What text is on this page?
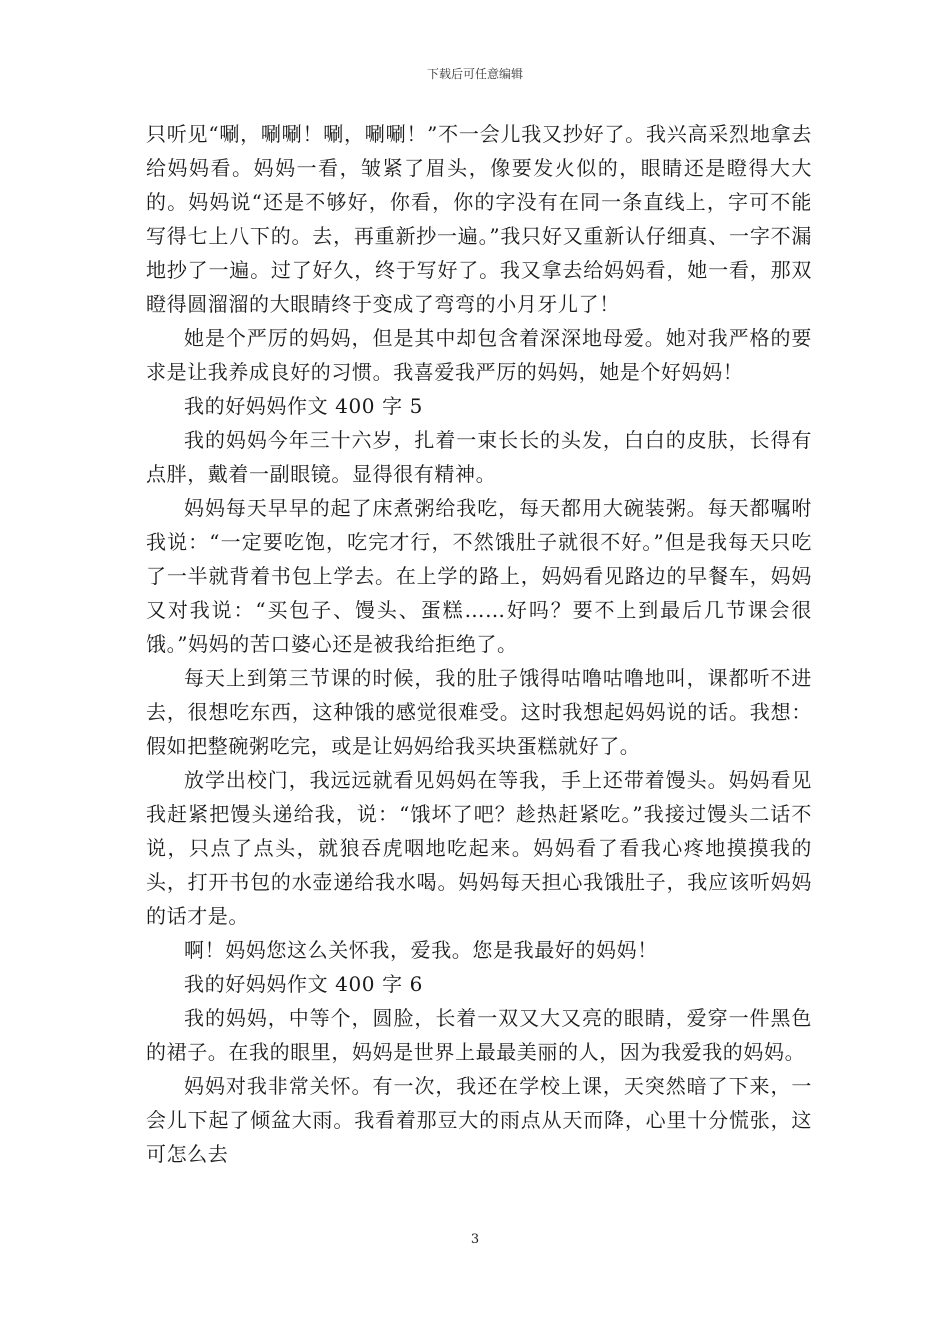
下载后可任意编辑

只听见“唰，唰唰！唰，唰唰！”不一会儿我又抄好了。我兴高采烈地拿去给妈妈看。妈妈一看，皱紧了眉头，像要发火似的，眼睛还是瞪得大大的。妈妈说“还是不够好，你看，你的字没有在同一条直线上，字可不能写得七上八下的。去，再重新抄一遍。”我只好又重新认仔细真、一字不漏地抄了一遍。过了好久，终于写好了。我又拿去给妈妈看，她一看，那双瞪得圆溜溜的大眼睛终于变成了弯弯的小月牙儿了！

她是个严厉的妈妈，但是其中却包含着深深地母爱。她对我严格的要求是让我养成良好的习惯。我喜爱我严厉的妈妈，她是个好妈妈！

我的好妈妈作文 400 字 5

我的妈妈今年三十六岁，扎着一束长长的头发，白白的皮肤，长得有点胖，戴着一副眼镜。显得很有精神。

妈妈每天早早的起了床煮粥给我吃，每天都用大碗装粥。每天都嘱咐我说：“一定要吃饱，吃完才行，不然饿肚子就很不好。”但是我每天只吃了一半就背着书包上学去。在上学的路上，妈妈看见路边的早餐车，妈妈又对我说：“买包子、馒头、蛋糕……好吗？要不上到最后几节课会很饿。”妈妈的苦口婆心还是被我给拒绝了。

每天上到第三节课的时候，我的肚子饿得咕噜咕噜地叫，课都听不进去，很想吃东西，这种饿的感觉很难受。这时我想起妈妈说的话。我想：假如把整碗粥吃完，或是让妈妈给我买块蛋糕就好了。

放学出校门，我远远就看见妈妈在等我，手上还带着馒头。妈妈看见我赶紧把馒头递给我，说：“饿坏了吧？趁热赶紧吃。”我接过馒头二话不说，只点了点头，就狼吞虎咽地吃起来。妈妈看了看我心疼地摸摸我的头，打开书包的水壶递给我水喝。妈妈每天担心我饿肚子，我应该听妈妈的话才是。

啊！妈妈您这么关怀我，爱我。您是我最好的妈妈！

我的好妈妈作文 400 字 6

我的妈妈，中等个，圆脸，长着一双又大又亮的眼睛，爱穿一件黑色的裙子。在我的眼里，妈妈是世界上最最美丽的人，因为我爱我的妈妈。

妈妈对我非常关怀。有一次，我还在学校上课，天突然暗了下来，一会儿下起了倾盆大雨。我看着那豆大的雨点从天而降，心里十分慌张，这可怎么去

3
